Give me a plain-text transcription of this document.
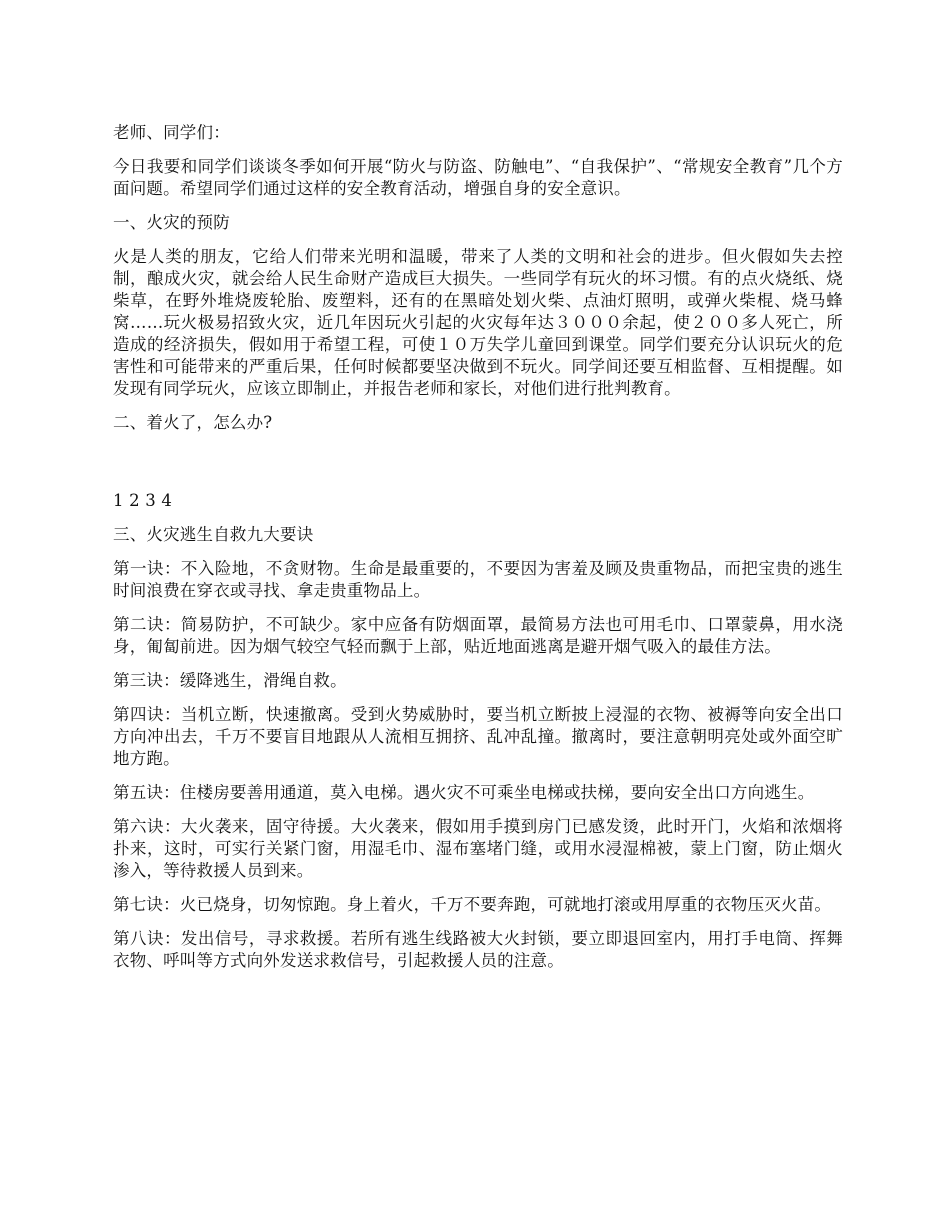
老师、同学们：

今日我要和同学们谈谈冬季如何开展“防火与防盗、防触电”、“自我保护”、“常规安全教育”几个方面问题。希望同学们通过这样的安全教育活动，增强自身的安全意识。

一、火灾的预防

火是人类的朋友，它给人们带来光明和温暖，带来了人类的文明和社会的进步。但火假如失去控制，酿成火灾，就会给人民生命财产造成巨大损失。一些同学有玩火的坏习惯。有的点火烧纸、烧柴草，在野外堆烧废轮胎、废塑料，还有的在黑暗处划火柴、点油灯照明，或弹火柴棍、烧马蜂窝……玩火极易招致火灾，近几年因玩火引起的火灾每年达３０００余起，使２００多人死亡，所造成的经济损失，假如用于希望工程，可使１０万失学儿童回到课堂。同学们要充分认识玩火的危害性和可能带来的严重后果，任何时候都要坚决做到不玩火。同学间还要互相监督、互相提醒。如发现有同学玩火，应该立即制止，并报告老师和家长，对他们进行批判教育。

二、着火了，怎么办?

1 2 3 4

三、火灾逃生自救九大要诀

第一诀：不入险地，不贪财物。生命是最重要的，不要因为害羞及顾及贵重物品，而把宝贵的逃生时间浪费在穿衣或寻找、拿走贵重物品上。

第二诀：简易防护，不可缺少。家中应备有防烟面罩，最简易方法也可用毛巾、口罩蒙鼻，用水浇身，匍匐前进。因为烟气较空气轻而飘于上部，贴近地面逃离是避开烟气吸入的最佳方法。

第三诀：缓降逃生，滑绳自救。

第四诀：当机立断，快速撤离。受到火势威胁时，要当机立断披上浸湿的衣物、被褥等向安全出口方向冲出去，千万不要盲目地跟从人流相互拥挤、乱冲乱撞。撤离时，要注意朝明亮处或外面空旷地方跑。

第五诀：住楼房要善用通道，莫入电梯。遇火灾不可乘坐电梯或扶梯，要向安全出口方向逃生。

第六诀：大火袭来，固守待援。大火袭来，假如用手摸到房门已感发烫，此时开门，火焰和浓烟将扑来，这时，可实行关紧门窗，用湿毛巾、湿布塞堵门缝，或用水浸湿棉被，蒙上门窗，防止烟火渗入，等待救援人员到来。

第七诀：火已烧身，切匆惊跑。身上着火，千万不要奔跑，可就地打滚或用厚重的衣物压灭火苗。

第八诀：发出信号，寻求救援。若所有逃生线路被大火封锁，要立即退回室内，用打手电筒、挥舞衣物、呼叫等方式向外发送求救信号，引起救援人员的注意。
